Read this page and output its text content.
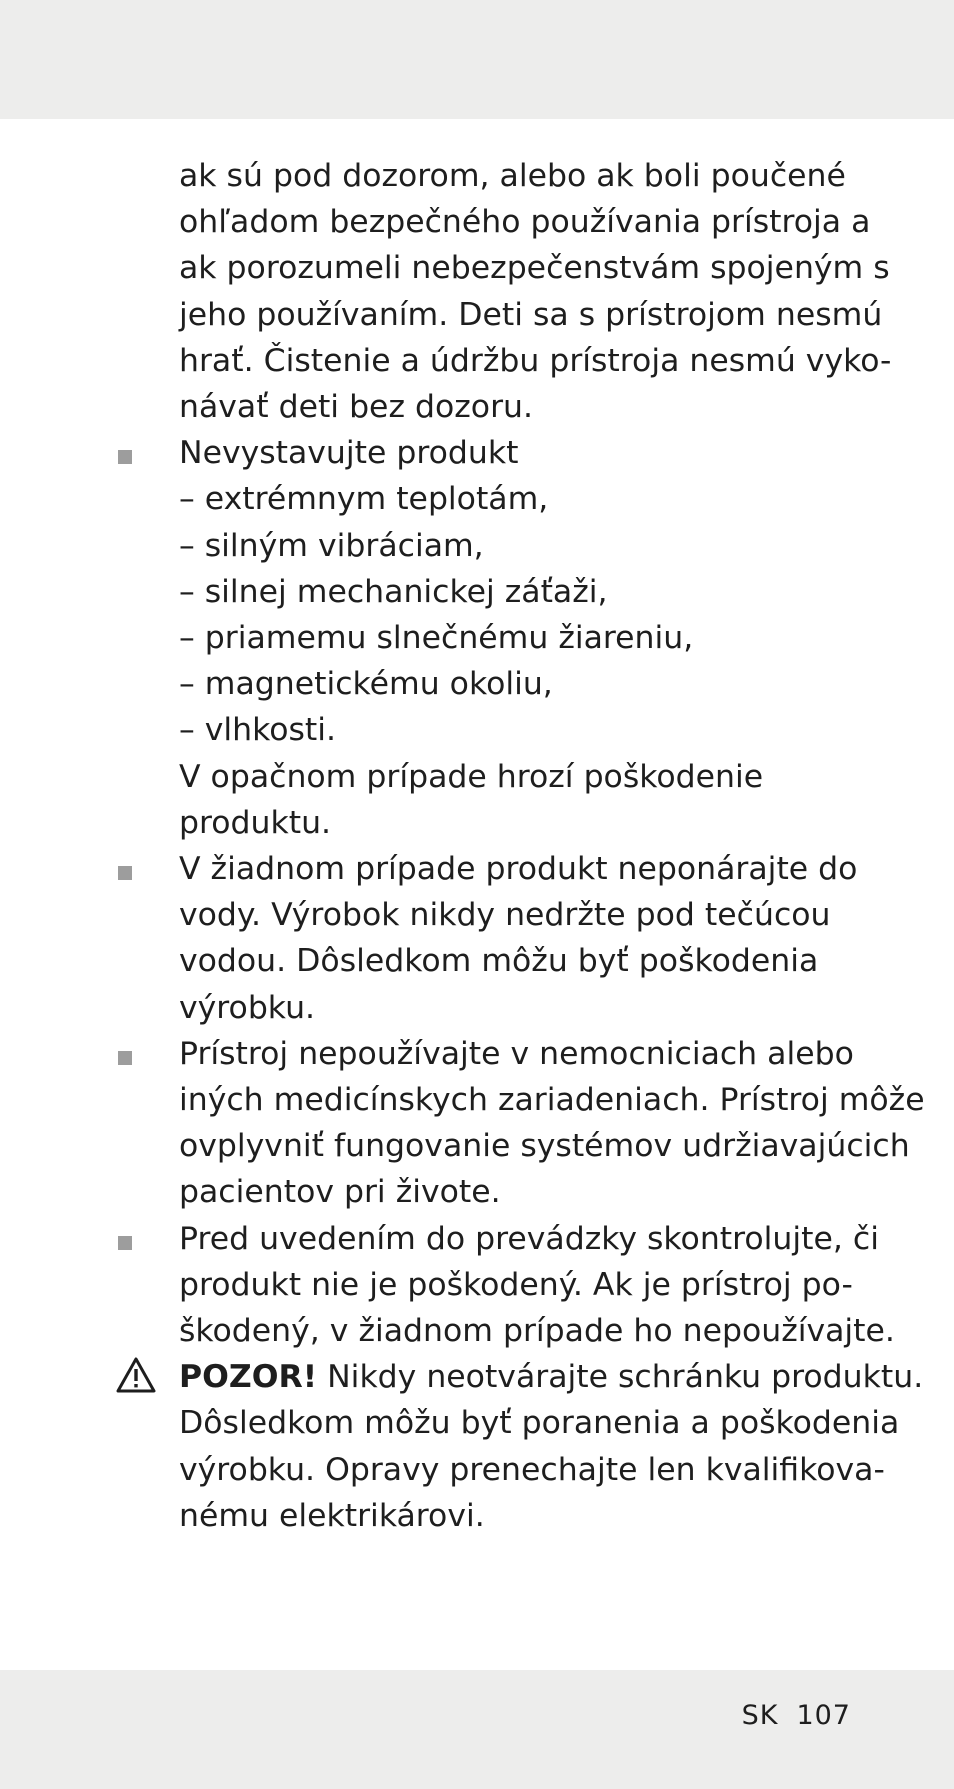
ak sú pod dozorom, alebo ak boli poučené
ohľadom bezpečného používania prístroja a
ak porozumeli nebezpečenstvám spojeným s
jeho používaním. Deti sa s prístrojom nesmú
hrať. Čistenie a údržbu prístroja nesmú vyko-
návať deti bez dozoru.
Nevystavujte produkt
– extrémnym teplotám,
– silným vibráciam,
– silnej mechanickej záťaži,
– priamemu slnečnému žiareniu,
– magnetickému okoliu,
– vlhkosti.
V opačnom prípade hrozí poškodenie
produktu.
V žiadnom prípade produkt neponárajte do
vody. Výrobok nikdy nedržte pod tečúcou
vodou. Dôsledkom môžu byť poškodenia
výrobku.
Prístroj nepoužívajte v nemocniciach alebo
iných medicínskych zariadeniach. Prístroj môže
ovplyvniť fungovanie systémov udržiavajúcich
pacientov pri živote.
Pred uvedením do prevádzky skontrolujte, či
produkt nie je poškodený. Ak je prístroj po-
škodený, v žiadnom prípade ho nepoužívajte.
POZOR! Nikdy neotvárajte schránku produktu.
Dôsledkom môžu byť poranenia a poškodenia
výrobku. Opravy prenechajte len kvalifikova-
nému elektrikárovi.
SK 107
